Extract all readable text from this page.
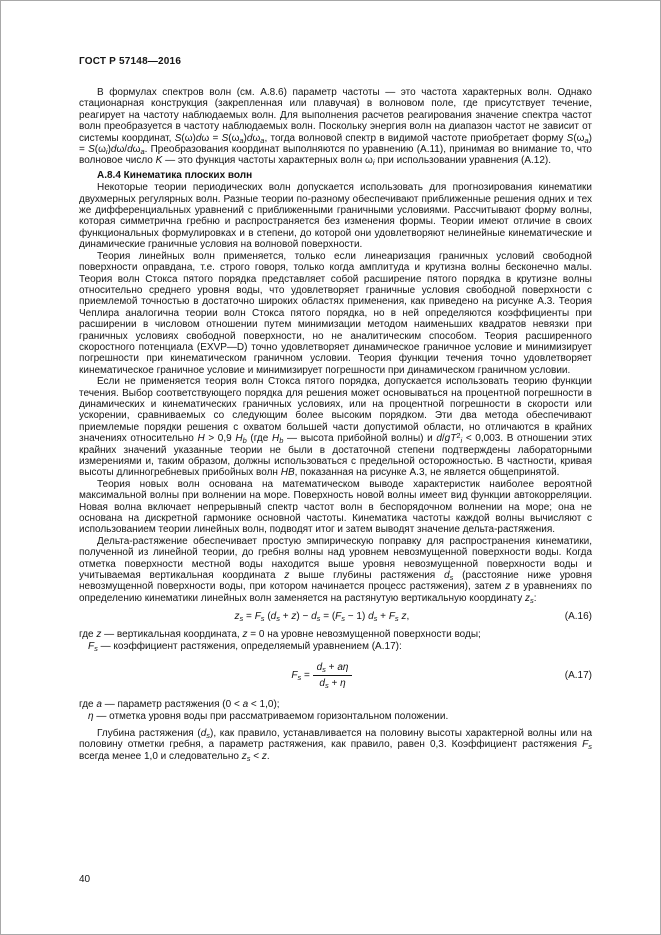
ГОСТ Р 57148—2016

В формулах спектров волн (см. А.8.6) параметр частоты — это частота характерных волн. Однако стационарная конструкция (закрепленная или плавучая) в волновом поле, где присутствует течение, реагирует на частоту наблюдаемых волн. Для выполнения расчетов реагирования значение спектра частот волн преобразуется в частоту наблюдаемых волн. Поскольку энергия волн на диапазон частот не зависит от системы координат, $S(\omega)d\omega = S(\omega_a)d\omega_a$, тогда волновой спектр в видимой частоте приобретает форму $S(\omega_a) = S(\omega_i)d\omega/d\omega_a$. Преобразования координат выполняются по уравнению (А.11), принимая во внимание то, что волновое число K — это функция частоты характерных волн $\omega_i$ при использовании уравнения (А.12).

А.8.4 Кинематика плоских волн

Некоторые теории периодических волн допускается использовать для прогнозирования кинематики двухмерных регулярных волн. Разные теории по-разному обеспечивают приближенные решения одних и тех же дифференциальных уравнений с приближенными граничными условиями. Рассчитывают форму волны, которая симметрична гребню и распространяется без изменения формы. Теории имеют отличие в своих функциональных формулировках и в степени, до которой они удовлетворяют нелинейные кинематические и динамические граничные условия на волновой поверхности.

Теория линейных волн применяется, только если линеаризация граничных условий свободной поверхности оправдана, т.е. строго говоря, только когда амплитуда и крутизна волны бесконечно малы. Теория волн Стокса пятого порядка представляет собой расширение пятого порядка в крутизне волны относительно среднего уровня воды, что удовлетворяет граничные условия свободной поверхности с приемлемой точностью в достаточно широких областях применения, как приведено на рисунке А.3. Теория Чеплира аналогична теории волн Стокса пятого порядка, но в ней определяются коэффициенты при расширении в числовом отношении путем минимизации методом наименьших квадратов невязки при граничных условиях свободной поверхности, но не аналитическим способом. Теория расширенного скоростного потенциала (EXVP—D) точно удовлетворяет динамическое граничное условие и минимизирует погрешности при кинематическом граничном условии. Теория функции течения точно удовлетворяет кинематическое граничное условие и минимизирует погрешности при динамическом граничном условии.

Если не применяется теория волн Стокса пятого порядка, допускается использовать теорию функции течения. Выбор соответствующего порядка для решения может основываться на процентной погрешности в динамических и кинематических граничных условиях, или на процентной погрешности в скорости или ускорении, сравниваемых со следующим более высоким порядком. Эти два метода обеспечивают приемлемые порядки решения с охватом большей части допустимой области, но отличаются в крайних значениях относительно H > 0,9 $H_b$ (где $H_b$ — высота прибойной волны) и $d/gT^2_i < 0,003$. В отношении этих крайних значений указанные теории не были в достаточной степени подтверждены лабораторными измерениями и, таким образом, должны использоваться с предельной осторожностью. В частности, кривая высоты длинногребневых прибойных волн HB, показанная на рисунке А.3, не является общепринятой.

Теория новых волн основана на математическом выводе характеристик наиболее вероятной максимальной волны при волнении на море. Поверхность новой волны имеет вид функции автокорреляции. Новая волна включает непрерывный спектр частот волн в беспорядочном волнении на море; она не основана на дискретной гармонике основной частоты. Кинематика частоты каждой волны вычисляют с использованием теории линейных волн, подводят итог и затем выводят значение дельта-растяжения.

Дельта-растяжение обеспечивает простую эмпирическую поправку для распространения кинематики, полученной из линейной теории, до гребня волны над уровнем невозмущенной поверхности воды. Когда отметка поверхности местной воды находится выше уровня невозмущенной поверхности воды и учитываемая вертикальная координата z выше глубины растяжения $d_s$ (расстояние ниже уровня невозмущенной поверхности воды, при котором начинается процесс растяжения), затем z в уравнениях по определению кинематики линейных волн заменяется на растянутую вертикальную координату $z_s$:

$z_s = F_s$ $(d_s + z) - d_s = (F_s - 1) d_s + F_s$ z,	(А.16)

где z — вертикальная координата, z = 0 на уровне невозмущенной поверхности воды;

$F_s$ — коэффициент растяжения, определяемый уравнением (А.17):

$F_s = \frac{d_s + a\eta}{d_s + \eta}$	(А.17)

где a — параметр растяжения (0 < a < 1,0);

η — отметка уровня воды при рассматриваемом горизонтальном положении.

Глубина растяжения $(d_s)$, как правило, устанавливается на половину высоты характерной волны или на половину отметки гребня, а параметр растяжения, как правило, равен 0,3. Коэффициент растяжения $F_s$ всегда менее 1,0 и следовательно $z_s < z$.

40
